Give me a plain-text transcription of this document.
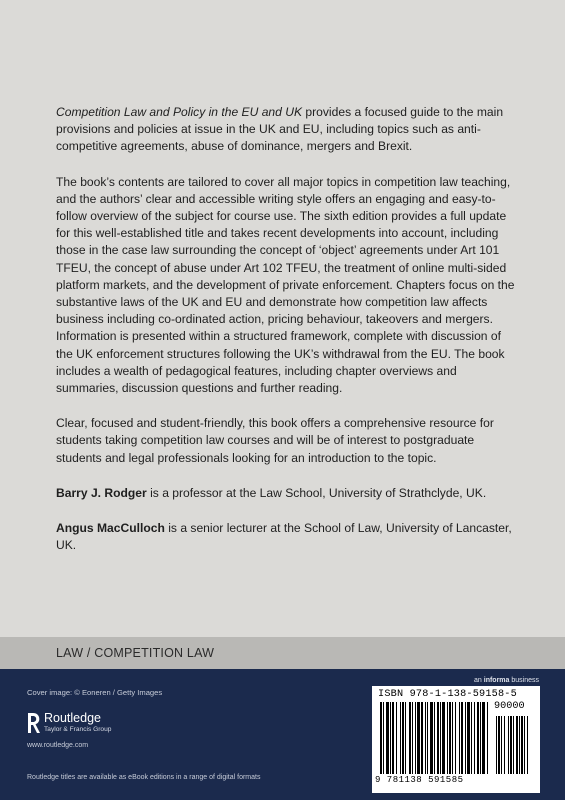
Competition Law and Policy in the EU and UK provides a focused guide to the main provisions and policies at issue in the UK and EU, including topics such as anti-competitive agreements, abuse of dominance, mergers and Brexit.

The book’s contents are tailored to cover all major topics in competition law teaching, and the authors’ clear and accessible writing style offers an engaging and easy-to-follow overview of the subject for course use. The sixth edition provides a full update for this well-established title and takes recent developments into account, including those in the case law surrounding the concept of ‘object’ agreements under Art 101 TFEU, the concept of abuse under Art 102 TFEU, the treatment of online multi-sided platform markets, and the development of private enforcement. Chapters focus on the substantive laws of the UK and EU and demonstrate how competition law affects business including co-ordinated action, pricing behaviour, takeovers and mergers. Information is presented within a structured framework, complete with discussion of the UK enforcement structures following the UK’s withdrawal from the EU. The book includes a wealth of pedagogical features, including chapter overviews and summaries, discussion questions and further reading.

Clear, focused and student-friendly, this book offers a comprehensive resource for students taking competition law courses and will be of interest to postgraduate students and legal professionals looking for an introduction to the topic.

Barry J. Rodger is a professor at the Law School, University of Strathclyde, UK.

Angus MacCulloch is a senior lecturer at the School of Law, University of Lancaster, UK.

LAW / COMPETITION LAW
Cover image: © Eoneren / Getty Images
Routledge
Taylor & Francis Group
www.routledge.com
Routledge titles are available as eBook editions in a range of digital formats
an informa business
ISBN 978-1-138-59158-5
90000
9 781138 591585
